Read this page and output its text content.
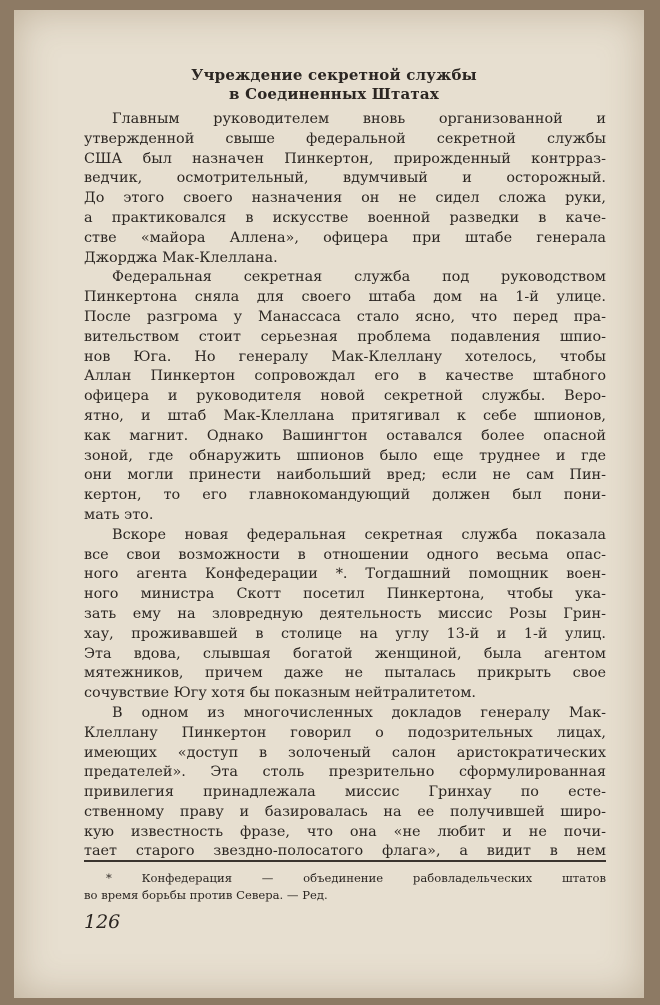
Учреждение секретной службы
в Соединенных Штатах
Главным руководителем вновь организованной и
утвержденной свыше федеральной секретной службы
США был назначен Пинкертон, прирожденный контрраз-
ведчик, осмотрительный, вдумчивый и осторожный.
До этого своего назначения он не сидел сложа руки,
а практиковался в искусстве военной разведки в каче-
стве «майора Аллена», офицера при штабе генерала
Джорджа Мак-Клеллана.
Федеральная секретная служба под руководством
Пинкертона сняла для своего штаба дом на 1-й улице.
После разгрома у Манассаса стало ясно, что перед пра-
вительством стоит серьезная проблема подавления шпио-
нов Юга. Но генералу Мак-Клеллану хотелось, чтобы
Аллан Пинкертон сопровождал его в качестве штабного
офицера и руководителя новой секретной службы. Веро-
ятно, и штаб Мак-Клеллана притягивал к себе шпионов,
как магнит. Однако Вашингтон оставался более опасной
зоной, где обнаружить шпионов было еще труднее и где
они могли принести наибольший вред; если не сам Пин-
кертон, то его главнокомандующий должен был пони-
мать это.
Вскоре новая федеральная секретная служба показала
все свои возможности в отношении одного весьма опас-
ного агента Конфедерации *. Тогдашний помощник воен-
ного министра Скотт посетил Пинкертона, чтобы ука-
зать ему на зловредную деятельность миссис Розы Грин-
хау, проживавшей в столице на углу 13-й и 1-й улиц.
Эта вдова, слывшая богатой женщиной, была агентом
мятежников, причем даже не пыталась прикрыть свое
сочувствие Югу хотя бы показным нейтралитетом.
В одном из многочисленных докладов генералу Мак-
Клеллану Пинкертон говорил о подозрительных лицах,
имеющих «доступ в золоченый салон аристократических
предателей». Эта столь презрительно сформулированная
привилегия принадлежала миссис Гринхау по есте-
ственному праву и базировалась на ее получившей широ-
кую известность фразе, что она «не любит и не почи-
тает старого звездно-полосатого флага», а видит в нем
* Конфедерация — объединение рабовладельческих штатов
во время борьбы против Севера. — Ред.
126
